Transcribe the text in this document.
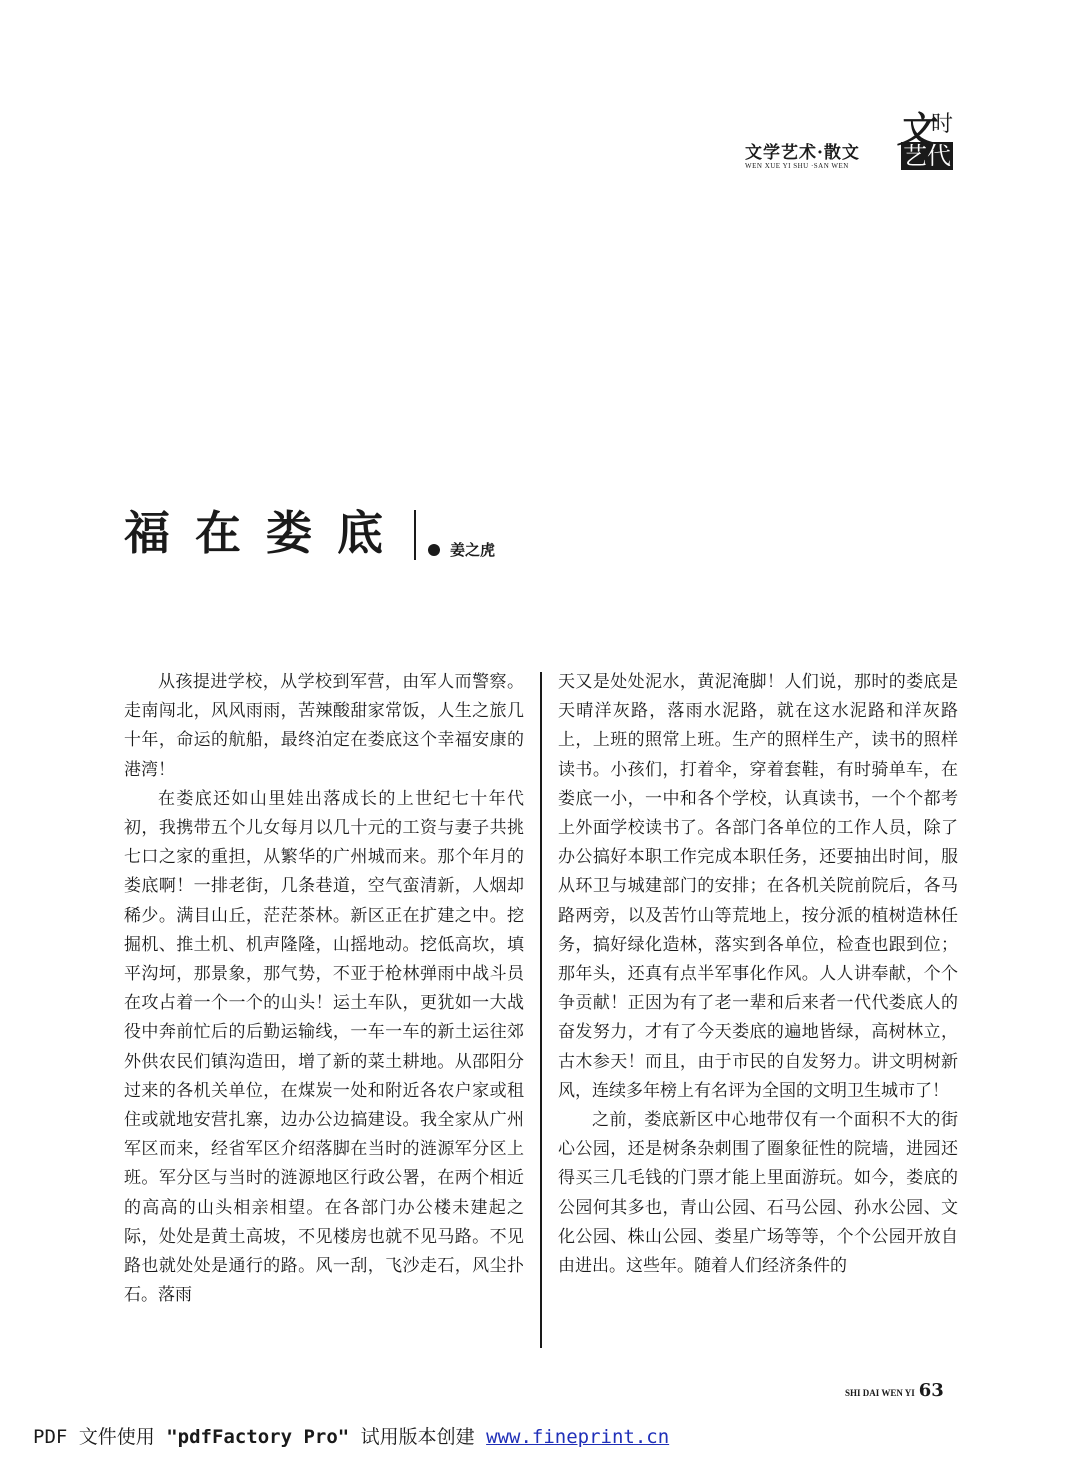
文学艺术·散文
WEN XUE YI SHU ·SAN WEN
文
时
艺代
福在娄底	姜之虎

从孩提进学校，从学校到军营，由军人而警察。走南闯北，风风雨雨，苦辣酸甜家常饭，人生之旅几十年，命运的航船，最终泊定在娄底这个幸福安康的港湾！

在娄底还如山里娃出落成长的上世纪七十年代初，我携带五个儿女每月以几十元的工资与妻子共挑七口之家的重担，从繁华的广州城而来。那个年月的娄底啊！一排老街，几条巷道，空气蛮清新，人烟却稀少。满目山丘，茫茫茶林。新区正在扩建之中。挖掘机、推土机、机声隆隆，山摇地动。挖低高坎，填平沟坷，那景象，那气势，不亚于枪林弹雨中战斗员在攻占着一个一个的山头！运土车队，更犹如一大战役中奔前忙后的后勤运输线，一车一车的新土运往郊外供农民们镇沟造田，增了新的菜土耕地。从邵阳分过来的各机关单位，在煤炭一处和附近各农户家或租住或就地安营扎寨，边办公边搞建设。我全家从广州军区而来，经省军区介绍落脚在当时的涟源军分区上班。军分区与当时的涟源地区行政公署，在两个相近的高高的山头相亲相望。在各部门办公楼未建起之际，处处是黄土高坡，不见楼房也就不见马路。不见路也就处处是通行的路。风一刮，飞沙走石，风尘扑石。落雨

天又是处处泥水，黄泥淹脚！人们说，那时的娄底是天晴洋灰路，落雨水泥路，就在这水泥路和洋灰路上，上班的照常上班。生产的照样生产，读书的照样读书。小孩们，打着伞，穿着套鞋，有时骑单车，在娄底一小，一中和各个学校，认真读书，一个个都考上外面学校读书了。各部门各单位的工作人员，除了办公搞好本职工作完成本职任务，还要抽出时间，服从环卫与城建部门的安排；在各机关院前院后，各马路两旁，以及苦竹山等荒地上，按分派的植树造林任务，搞好绿化造林，落实到各单位，检查也跟到位；那年头，还真有点半军事化作风。人人讲奉献，个个争贡献！正因为有了老一辈和后来者一代代娄底人的奋发努力，才有了今天娄底的遍地皆绿，高树林立，古木参天！而且，由于市民的自发努力。讲文明树新风，连续多年榜上有名评为全国的文明卫生城市了！

之前，娄底新区中心地带仅有一个面积不大的街心公园，还是树条杂刺围了圈象征性的院墙，进园还得买三几毛钱的门票才能上里面游玩。如今，娄底的公园何其多也，青山公园、石马公园、孙水公园、文化公园、株山公园、娄星广场等等，个个公园开放自由进出。这些年。随着人们经济条件的

SHI DAI WEN YI 63
PDF 文件使用 "pdfFactory Pro" 试用版本创建 www.fineprint.cn
